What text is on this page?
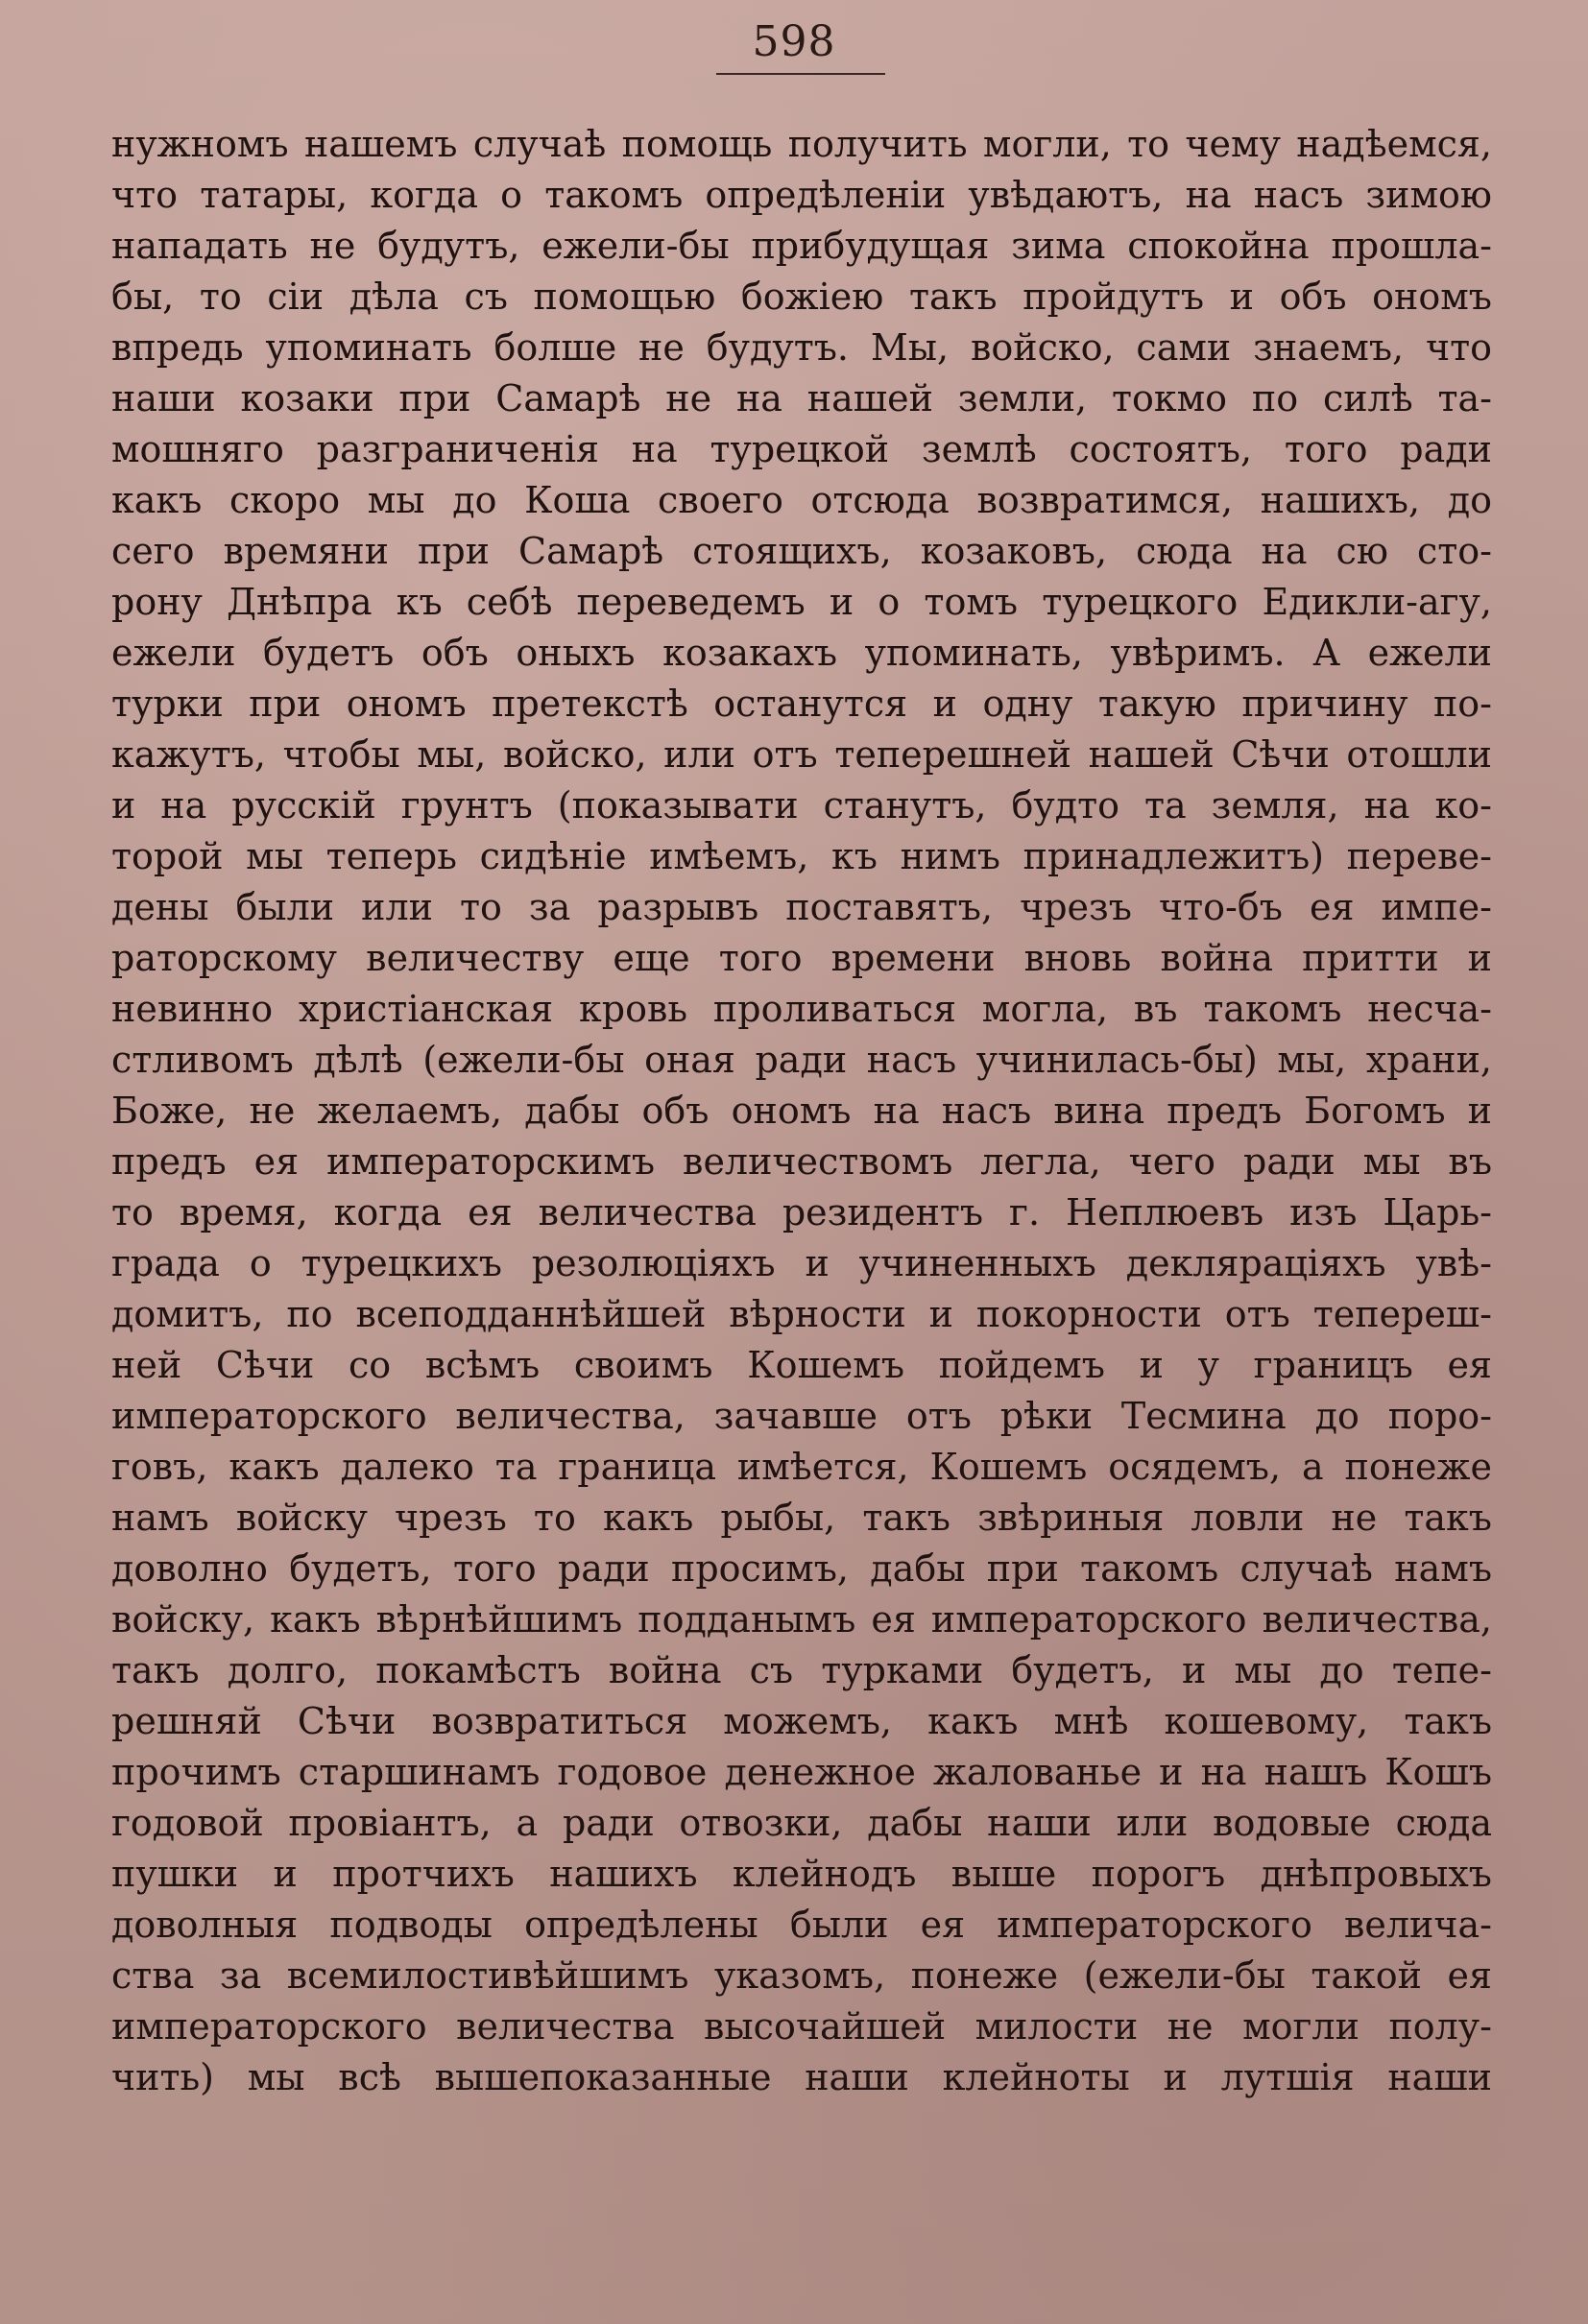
598
нужномъ нашемъ случаѣ помощь получить могли, то чему надѣемся,
что татары, когда о такомъ опредѣленіи увѣдаютъ, на насъ зимою
нападать не будутъ, ежели-бы прибудущая зима спокойна прошла-
бы, то сіи дѣла съ помощью божіею такъ пройдутъ и объ ономъ
впредь упоминать болше не будутъ. Мы, войско, сами знаемъ, что
наши козаки при Самарѣ не на нашей земли, токмо по силѣ та-
мошняго разграниченія на турецкой землѣ состоятъ, того ради
какъ скоро мы до Коша своего отсюда возвратимся, нашихъ, до
сего времяни при Самарѣ стоящихъ, козаковъ, сюда на сю сто-
рону Днѣпра къ себѣ переведемъ и о томъ турецкого Едикли-агу,
ежели будетъ объ оныхъ козакахъ упоминать, увѣримъ. А ежели
турки при ономъ претекстѣ останутся и одну такую причину по-
кажутъ, чтобы мы, войско, или отъ теперешней нашей Сѣчи отошли
и на русскій грунтъ (показывати станутъ, будто та земля, на ко-
торой мы теперь сидѣніе имѣемъ, къ нимъ принадлежитъ) переве-
дены были или то за разрывъ поставятъ, чрезъ что-бъ ея импе-
раторскому величеству еще того времени вновь война притти и
невинно христіанская кровь проливаться могла, въ такомъ несча-
стливомъ дѣлѣ (ежели-бы оная ради насъ учинилась-бы) мы, храни,
Боже, не желаемъ, дабы объ ономъ на насъ вина предъ Богомъ и
предъ ея императорскимъ величествомъ легла, чего ради мы въ
то время, когда ея величества резидентъ г. Неплюевъ изъ Царь-
града о турецкихъ резолюціяхъ и учиненныхъ декляраціяхъ увѣ-
домитъ, по всеподданнѣйшей вѣрности и покорности отъ тепереш-
ней Сѣчи со всѣмъ своимъ Кошемъ пойдемъ и у границъ ея
императорского величества, зачавше отъ рѣки Тесмина до поро-
говъ, какъ далеко та граница имѣется, Кошемъ осядемъ, а понеже
намъ войску чрезъ то какъ рыбы, такъ звѣриныя ловли не такъ
доволно будетъ, того ради просимъ, дабы при такомъ случаѣ намъ
войску, какъ вѣрнѣйшимъ подданымъ ея императорского величества,
такъ долго, покамѣстъ война съ турками будетъ, и мы до тепе-
решняй Сѣчи возвратиться можемъ, какъ мнѣ кошевому, такъ
прочимъ старшинамъ годовое денежное жалованье и на нашъ Кошъ
годовой провіантъ, а ради отвозки, дабы наши или водовые сюда
пушки и протчихъ нашихъ клейнодъ выше порогъ днѣпровыхъ
доволныя подводы опредѣлены были ея императорского велича-
ства за всемилостивѣйшимъ указомъ, понеже (ежели-бы такой ея
императорского величества высочайшей милости не могли полу-
чить) мы всѣ вышепоказанные наши клейноты и лутшія наши
